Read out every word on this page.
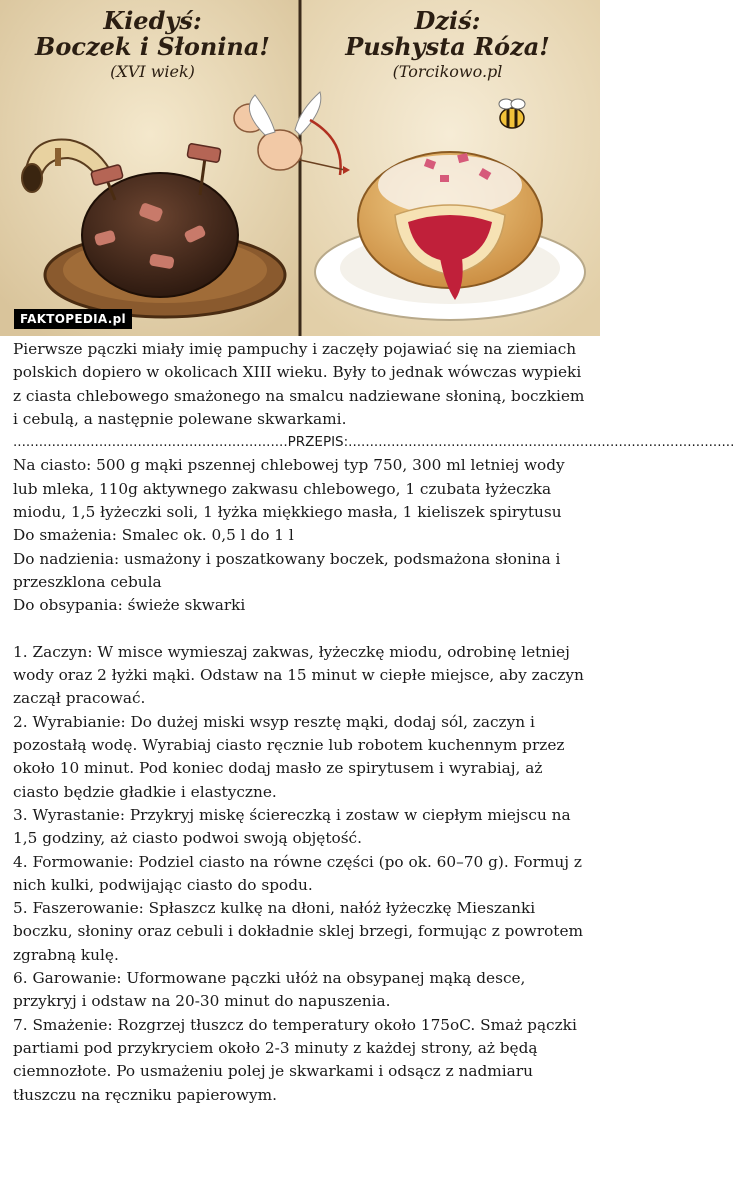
Kiedyś:
Boczek i Słonina!
(XVI wiek)
Dziś:
Pushysta Róza!
(Torcikowo.pl
FAKTOPEDIA.pl

Pierwsze pączki miały imię pampuchy i zaczęły pojawiać się na ziemiach polskich dopiero w okolicach XIII wieku. Były to jednak wówczas wypieki z ciasta chlebowego smażonego na smalcu nadziewane słoniną, boczkiem i cebulą, a następnie polewane skwarkami.

................................................................PRZEPIS:..........................................................................................

Na ciasto: 500 g mąki pszennej chlebowej typ 750, 300 ml letniej wody lub mleka, 110g aktywnego zakwasu chlebowego, 1 czubata łyżeczka miodu, 1,5 łyżeczki soli, 1 łyżka miękkiego masła, 1 kieliszek spirytusu

Do smażenia: Smalec ok. 0,5 l do 1 l

Do nadzienia: usmażony i poszatkowany boczek, podsmażona słonina i przeszklona cebula

Do obsypania: świeże skwarki

1. Zaczyn: W misce wymieszaj zakwas, łyżeczkę miodu, odrobinę letniej wody oraz 2 łyżki mąki. Odstaw na 15 minut w ciepłe miejsce, aby zaczyn zaczął pracować.

2. Wyrabianie: Do dużej miski wsyp resztę mąki, dodaj sól, zaczyn i pozostałą wodę. Wyrabiaj ciasto ręcznie lub robotem kuchennym przez około 10 minut. Pod koniec dodaj masło ze spirytusem i wyrabiaj, aż ciasto będzie gładkie i elastyczne.

3. Wyrastanie: Przykryj miskę ściereczką i zostaw w ciepłym miejscu na 1,5 godziny, aż ciasto podwoi swoją objętość.

4. Formowanie: Podziel ciasto na równe części (po ok. 60–70 g). Formuj z nich kulki, podwijając ciasto do spodu.

5. Faszerowanie: Spłaszcz kulkę na dłoni, nałóż łyżeczkę Mieszanki boczku, słoniny oraz cebuli i dokładnie sklej brzegi, formując z powrotem zgrabną kulę.

6. Garowanie: Uformowane pączki ułóż na obsypanej mąką desce, przykryj i odstaw na 20-30 minut do napuszenia.

7. Smażenie: Rozgrzej tłuszcz do temperatury około 175oC. Smaż pączki partiami pod przykryciem około 2-3 minuty z każdej strony, aż będą ciemnozłote. Po usmażeniu polej je skwarkami i odsącz z nadmiaru tłuszczu na ręczniku papierowym.
